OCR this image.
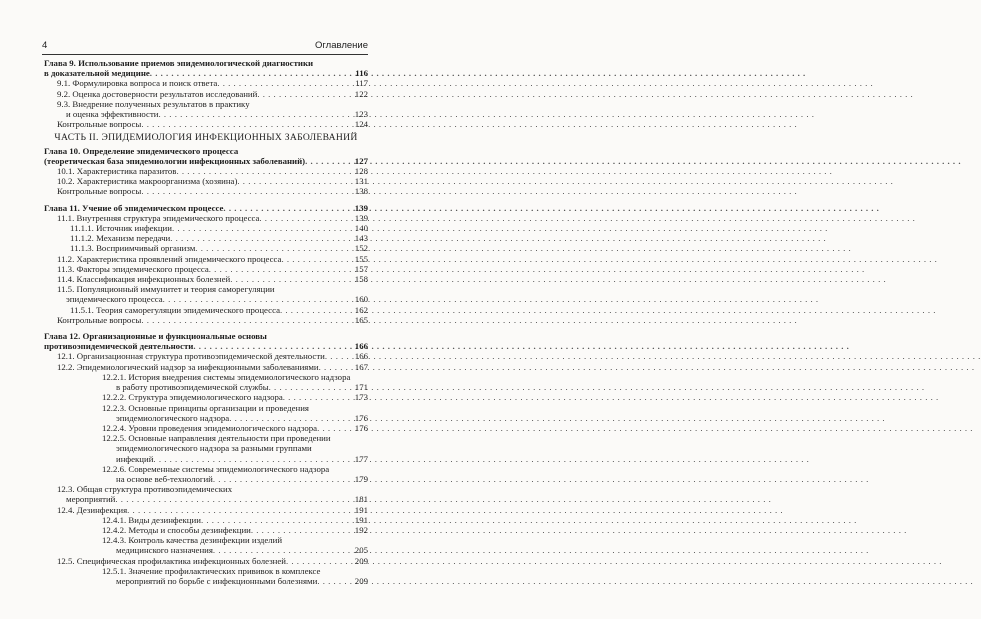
4	Оглавление
Глава 9. Использование приемов эпидемиологической диагностики
в доказательной медицине . . .	116
9.1. Формулировка вопроса и поиск ответа . . .	117
9.2. Оценка достоверности результатов исследований . . .	122
9.3. Внедрение полученных результатов в практику
и оценка эффективности . . .	123
Контрольные вопросы . . .	124
ЧАСТЬ II. ЭПИДЕМИОЛОГИЯ ИНФЕКЦИОННЫХ ЗАБОЛЕВАНИЙ
Глава 10. Определение эпидемического процесса
(теоретическая база эпидемиологии инфекционных заболеваний) . . .	127
10.1. Характеристика паразитов . . .	128
10.2. Характеристика макроорганизма (хозяина) . . .	131
Контрольные вопросы . . .	138
Глава 11. Учение об эпидемическом процессе . . .	139
11.1. Внутренняя структура эпидемического процесса . . .	139
11.1.1. Источник инфекции . . .	140
11.1.2. Механизм передачи . . .	143
11.1.3. Восприимчивый организм . . .	152
11.2. Характеристика проявлений эпидемического процесса . . .	155
11.3. Факторы эпидемического процесса . . .	157
11.4. Классификация инфекционных болезней . . .	158
11.5. Популяционный иммунитет и теория саморегуляции
эпидемического процесса . . .	160
11.5.1. Теория саморегуляции эпидемического процесса . . .	162
Контрольные вопросы . . .	165
Глава 12. Организационные и функциональные основы
противоэпидемической деятельности . . .	166
12.1. Организационная структура противоэпидемической деятельности . . .	166
12.2. Эпидемиологический надзор за инфекционными заболеваниями . . .	167
12.2.1. История внедрения системы эпидемиологического надзора
в работу противоэпидемической службы . . .	171
12.2.2. Структура эпидемиологического надзора . . .	173
12.2.3. Основные принципы организации и проведения
эпидемиологического надзора . . .	176
12.2.4. Уровни проведения эпидемиологического надзора . . .	176
12.2.5. Основные направления деятельности при проведении
эпидемиологического надзора за разными группами
инфекций . . .	177
12.2.6. Современные системы эпидемиологического надзора
на основе веб-технологий . . .	179
12.3. Общая структура противоэпидемических
мероприятий . . .	181
12.4. Дезинфекция . . .	191
12.4.1. Виды дезинфекции . . .	191
12.4.2. Методы и способы дезинфекции . . .	192
12.4.3. Контроль качества дезинфекции изделий
медицинского назначения . . .	205
12.5. Специфическая профилактика инфекционных болезней . . .	209
12.5.1. Значение профилактических прививок в комплексе
мероприятий по борьбе с инфекционными болезнями . . .	209
